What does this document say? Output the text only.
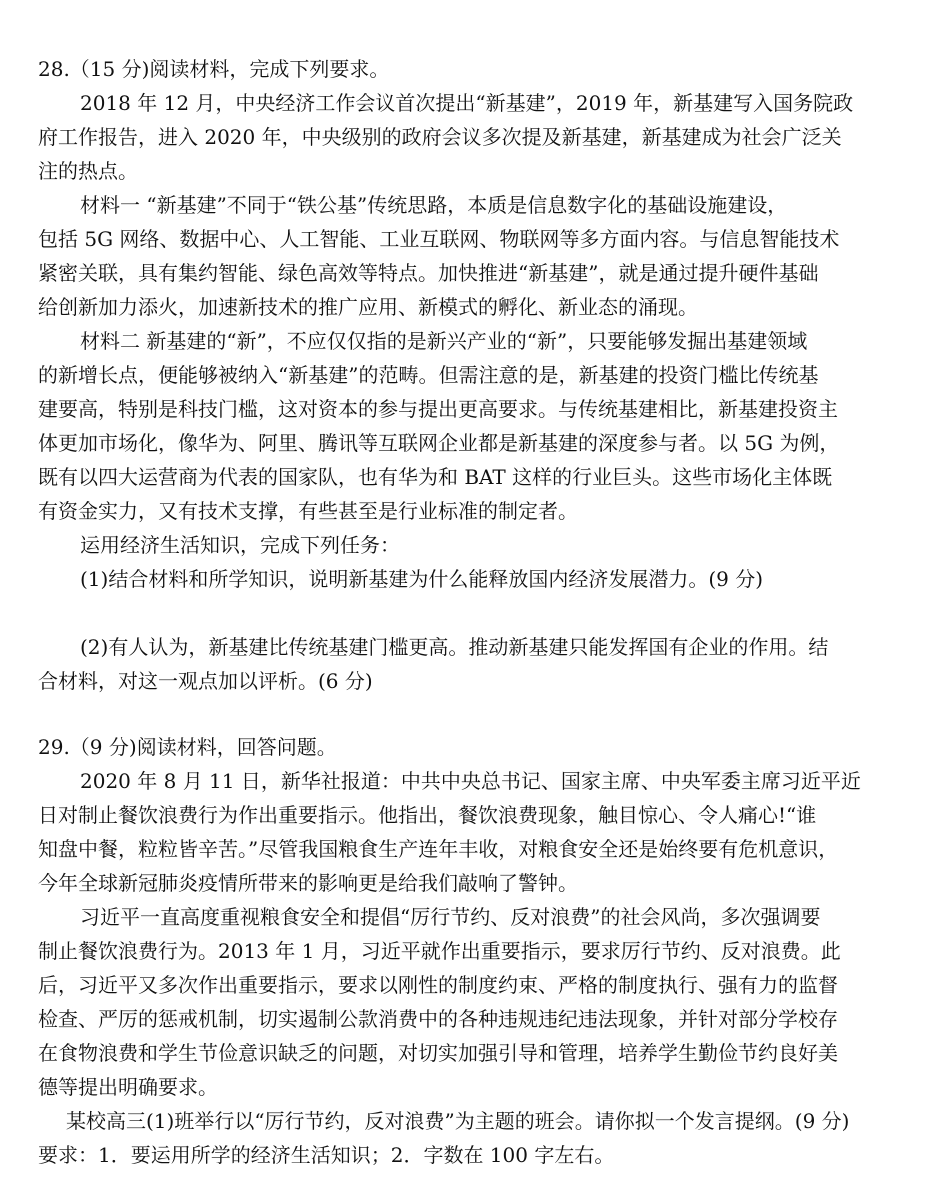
28.（15 分)阅读材料，完成下列要求。
2018 年 12 月，中央经济工作会议首次提出“新基建”，2019 年，新基建写入国务院政
府工作报告，进入 2020 年，中央级别的政府会议多次提及新基建，新基建成为社会广泛关
注的热点。
材料一 “新基建”不同于“铁公基”传统思路，本质是信息数字化的基础设施建设，
包括 5G 网络、数据中心、人工智能、工业互联网、物联网等多方面内容。与信息智能技术
紧密关联，具有集约智能、绿色高效等特点。加快推进“新基建”，就是通过提升硬件基础
给创新加力添火，加速新技术的推广应用、新模式的孵化、新业态的涌现。
材料二 新基建的“新”，不应仅仅指的是新兴产业的“新”，只要能够发掘出基建领域
的新增长点，便能够被纳入“新基建”的范畴。但需注意的是，新基建的投资门槛比传统基
建要高，特别是科技门槛，这对资本的参与提出更高要求。与传统基建相比，新基建投资主
体更加市场化，像华为、阿里、腾讯等互联网企业都是新基建的深度参与者。以 5G 为例，
既有以四大运营商为代表的国家队，也有华为和 BAT 这样的行业巨头。这些市场化主体既
有资金实力，又有技术支撑，有些甚至是行业标准的制定者。
运用经济生活知识，完成下列任务：
(1)结合材料和所学知识，说明新基建为什么能释放国内经济发展潜力。(9 分)
(2)有人认为，新基建比传统基建门槛更高。推动新基建只能发挥国有企业的作用。结
合材料，对这一观点加以评析。(6 分)
29.（9 分)阅读材料，回答问题。
2020 年 8 月 11 日，新华社报道：中共中央总书记、国家主席、中央军委主席习近平近
日对制止餐饮浪费行为作出重要指示。他指出，餐饮浪费现象，触目惊心、令人痛心!“谁
知盘中餐，粒粒皆辛苦。”尽管我国粮食生产连年丰收，对粮食安全还是始终要有危机意识，
今年全球新冠肺炎疫情所带来的影响更是给我们敲响了警钟。
习近平一直高度重视粮食安全和提倡“厉行节约、反对浪费”的社会风尚，多次强调要
制止餐饮浪费行为。2013 年 1 月，习近平就作出重要指示，要求厉行节约、反对浪费。此
后，习近平又多次作出重要指示，要求以刚性的制度约束、严格的制度执行、强有力的监督
检查、严厉的惩戒机制，切实遏制公款消费中的各种违规违纪违法现象，并针对部分学校存
在食物浪费和学生节俭意识缺乏的问题，对切实加强引导和管理，培养学生勤俭节约良好美
德等提出明确要求。
某校高三(1)班举行以“厉行节约，反对浪费”为主题的班会。请你拟一个发言提纲。(9 分)
要求：1．要运用所学的经济生活知识；2．字数在 100 字左右。
